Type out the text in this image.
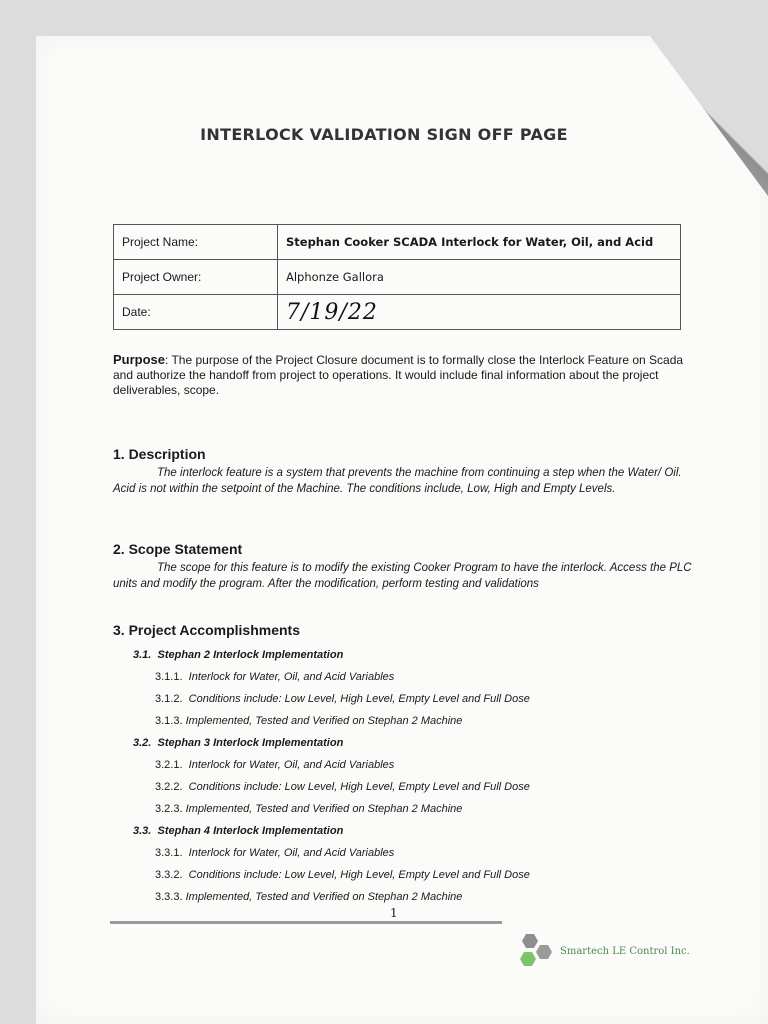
INTERLOCK VALIDATION SIGN OFF PAGE
Project Name:	Stephan Cooker SCADA Interlock for Water, Oil, and Acid
Project Owner:	Alphonze Gallora
Date:	7/19/22
Purpose: The purpose of the Project Closure document is to formally close the Interlock Feature on Scada and authorize the handoff from project to operations. It would include final information about the project deliverables, scope.
1. Description
The interlock feature is a system that prevents the machine from continuing a step when the Water/ Oil. Acid is not within the setpoint of the Machine. The conditions include, Low, High and Empty Levels.
2. Scope Statement
The scope for this feature is to modify the existing Cooker Program to have the interlock. Access the PLC units and modify the program. After the modification, perform testing and validations
3. Project Accomplishments
3.1. Stephan 2 Interlock Implementation
3.1.1. Interlock for Water, Oil, and Acid Variables
3.1.2. Conditions include: Low Level, High Level, Empty Level and Full Dose
3.1.3. Implemented, Tested and Verified on Stephan 2 Machine
3.2. Stephan 3 Interlock Implementation
3.2.1. Interlock for Water, Oil, and Acid Variables
3.2.2. Conditions include: Low Level, High Level, Empty Level and Full Dose
3.2.3. Implemented, Tested and Verified on Stephan 2 Machine
3.3. Stephan 4 Interlock Implementation
3.3.1. Interlock for Water, Oil, and Acid Variables
3.3.2. Conditions include: Low Level, High Level, Empty Level and Full Dose
3.3.3. Implemented, Tested and Verified on Stephan 2 Machine
1
Smartech LE Control Inc.
